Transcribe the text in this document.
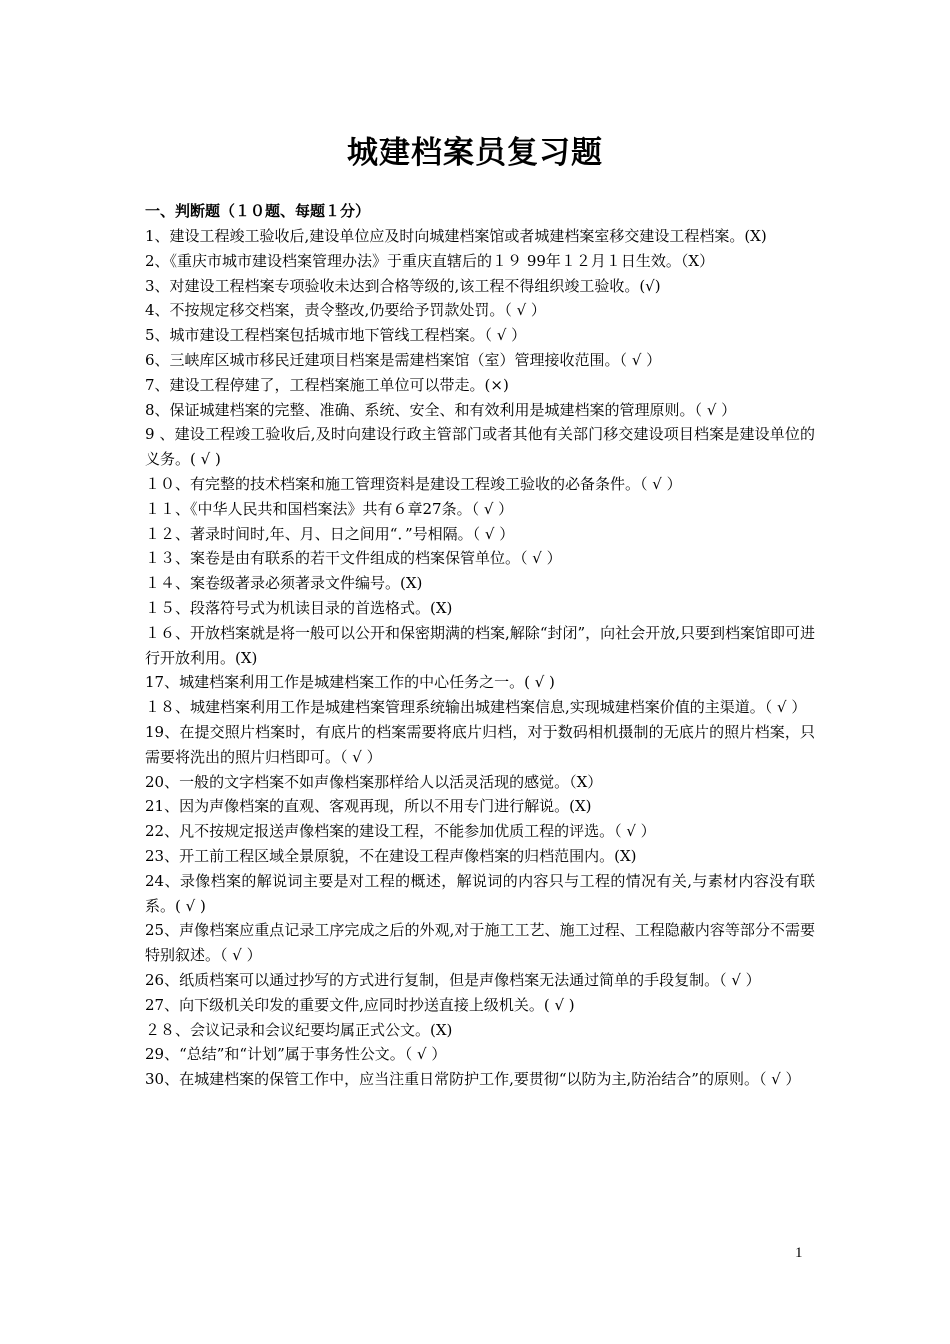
城建档案员复习题

一、判断题（１０题、每题１分）

1、建设工程竣工验收后,建设单位应及时向城建档案馆或者城建档案室移交建设工程档案。(X)

2、《重庆市城市建设档案管理办法》于重庆直辖后的１９ 99年１２月１日生效。（X）

3、对建设工程档案专项验收未达到合格等级的,该工程不得组织竣工验收。(√)

4、不按规定移交档案，责令整改,仍要给予罚款处罚。（ √ ）

5、城市建设工程档案包括城市地下管线工程档案。（ √ ）

6、三峡库区城市移民迁建项目档案是需建档案馆（室）管理接收范围。（ √ ）

7、建设工程停建了，工程档案施工单位可以带走。(×)

8、保证城建档案的完整、准确、系统、安全、和有效利用是城建档案的管理原则。（ √ ）

9 、建设工程竣工验收后,及时向建设行政主管部门或者其他有关部门移交建设项目档案是建设单位的义务。( √ )

１０、有完整的技术档案和施工管理资料是建设工程竣工验收的必备条件。（ √ ）

１１、《中华人民共和国档案法》共有６章27条。（ √ ）

１２、著录时间时,年、月、日之间用“．”号相隔。（ √ ）

１３、案卷是由有联系的若干文件组成的档案保管单位。（ √ ）

１４、案卷级著录必须著录文件编号。(X)

１５、段落符号式为机读目录的首选格式。(X)

１６、开放档案就是将一般可以公开和保密期满的档案,解除“封闭”，向社会开放,只要到档案馆即可进行开放利用。(X)

17、城建档案利用工作是城建档案工作的中心任务之一。( √ )

１８、城建档案利用工作是城建档案管理系统输出城建档案信息,实现城建档案价值的主渠道。（ √ ）

19、在提交照片档案时，有底片的档案需要将底片归档，对于数码相机摄制的无底片的照片档案，只需要将洗出的照片归档即可。（ √ ）

20、一般的文字档案不如声像档案那样给人以活灵活现的感觉。（X）

21、因为声像档案的直观、客观再现，所以不用专门进行解说。(X)

22、凡不按规定报送声像档案的建设工程，不能参加优质工程的评选。（ √ ）

23、开工前工程区域全景原貌，不在建设工程声像档案的归档范围内。(X)

24、录像档案的解说词主要是对工程的概述，解说词的内容只与工程的情况有关,与素材内容没有联系。( √ )

25、声像档案应重点记录工序完成之后的外观,对于施工工艺、施工过程、工程隐蔽内容等部分不需要特别叙述。（ √ ）

26、纸质档案可以通过抄写的方式进行复制，但是声像档案无法通过简单的手段复制。（ √ ）

27、向下级机关印发的重要文件,应同时抄送直接上级机关。( √ )

２８、会议记录和会议纪要均属正式公文。(X)

29、“总结”和“计划”属于事务性公文。（ √ ）

30、在城建档案的保管工作中，应当注重日常防护工作,要贯彻“以防为主,防治结合”的原则。（ √ ）

1
